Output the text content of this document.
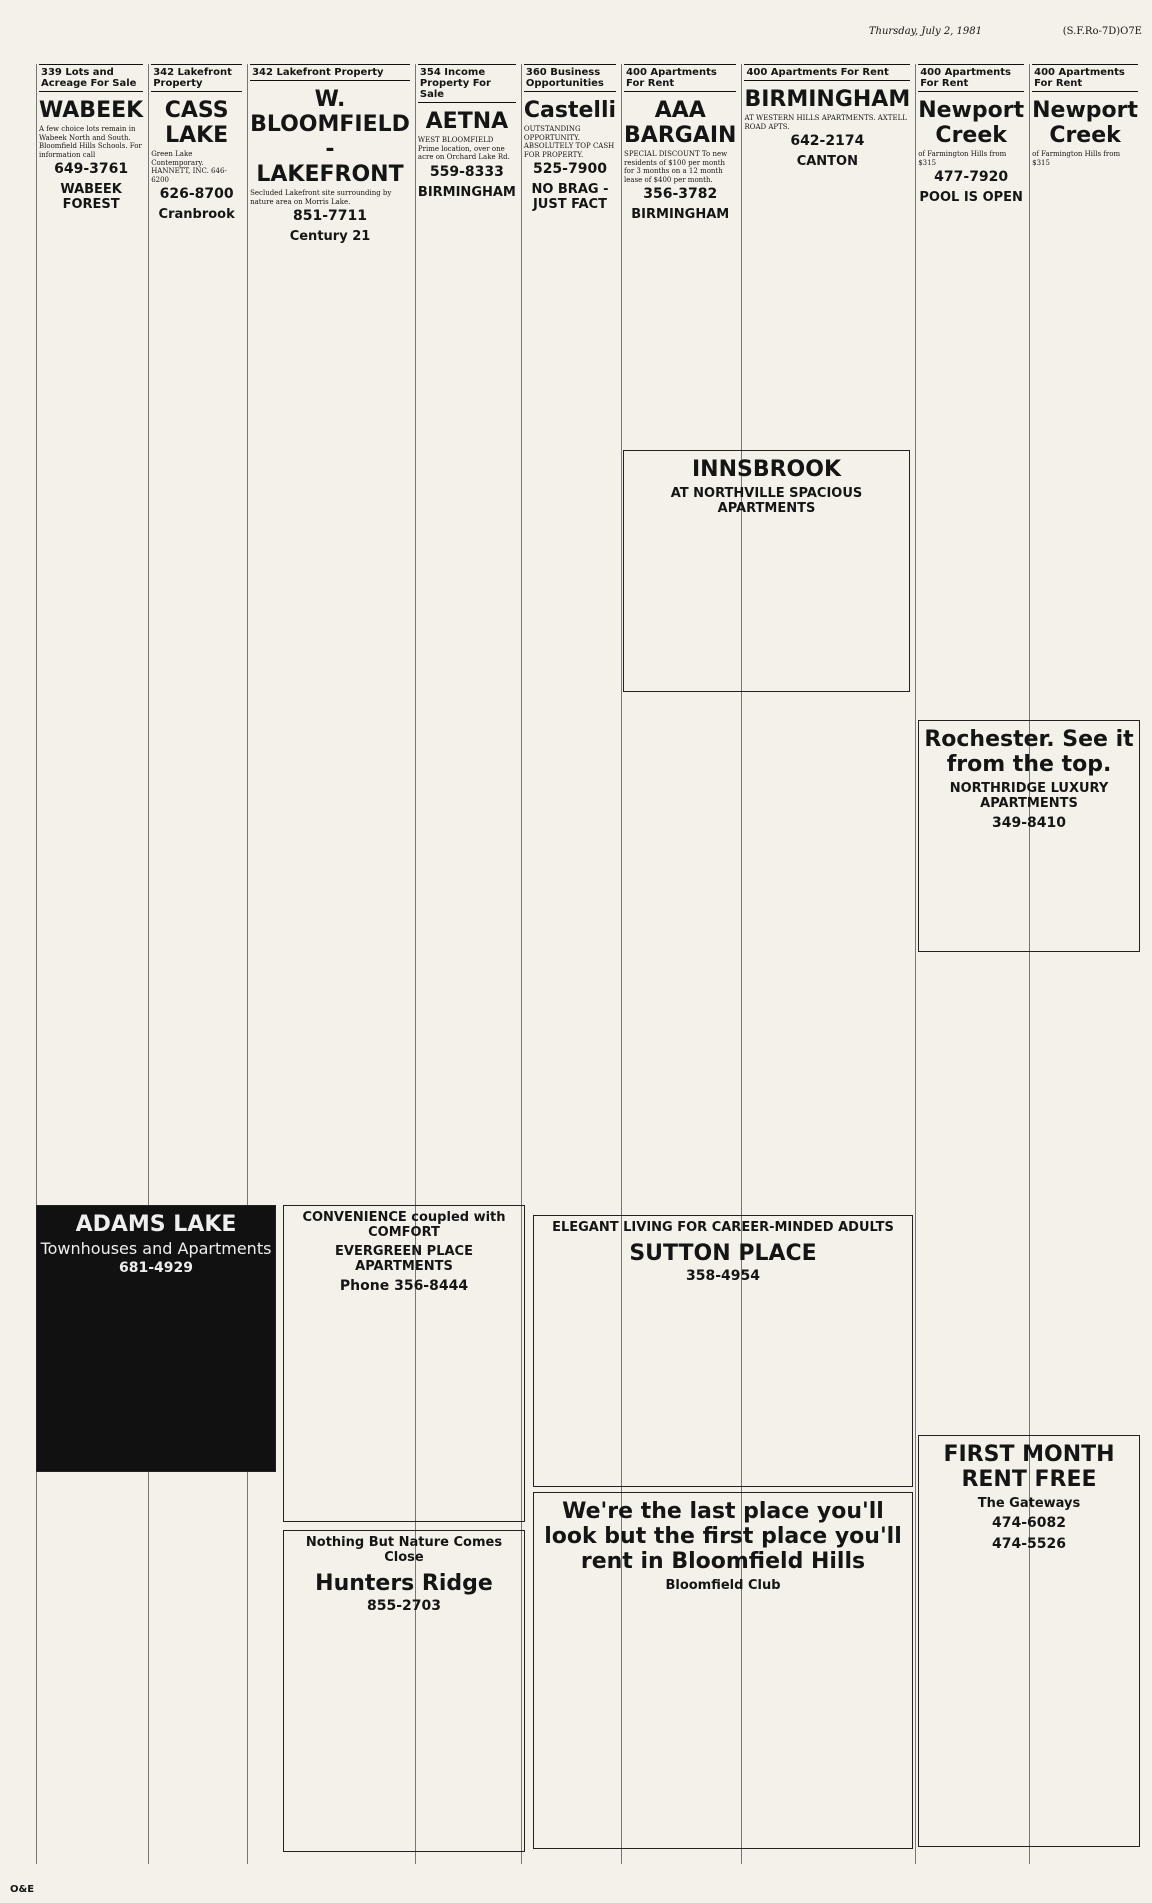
Thursday, July 2, 1981	(S.F.Ro-7D)O7E
339 Lots and Acreage For Sale
WABEEK
A few choice lots remain in Wabeek North and South. Bloomfield Hills Schools. For information call
649-3761
WABEEK FOREST
342 Lakefront Property
CASS LAKE
Green Lake Contemporary. HANNETT, INC. 646-6200
626-8700
Cranbrook
342 Lakefront Property
W. BLOOMFIELD - LAKEFRONT
Secluded Lakefront site surrounding by nature area on Morris Lake.
851-7711
Century 21
354 Income Property For Sale
AETNA
WEST BLOOMFIELD Prime location, over one acre on Orchard Lake Rd.
559-8333
BIRMINGHAM
360 Business Opportunities
Castelli
OUTSTANDING OPPORTUNITY. ABSOLUTELY TOP CASH FOR PROPERTY.
525-7900
NO BRAG - JUST FACT
400 Apartments For Rent
AAA BARGAIN
SPECIAL DISCOUNT To new residents of $100 per month for 3 months on a 12 month lease of $400 per month.
356-3782
BIRMINGHAM
400 Apartments For Rent
BIRMINGHAM
AT WESTERN HILLS APARTMENTS. AXTELL ROAD APTS.
642-2174
CANTON
400 Apartments For Rent
Newport Creek
of Farmington Hills from $315
477-7920
POOL IS OPEN
400 Apartments For Rent
Newport Creek
of Farmington Hills from $315
ADAMS LAKE
Townhouses and Apartments
681-4929
CONVENIENCE coupled with COMFORT
EVERGREEN PLACE APARTMENTS
Phone 356-8444
Nothing But Nature Comes Close
Hunters Ridge
855-2703
ELEGANT LIVING FOR CAREER-MINDED ADULTS
SUTTON PLACE
358-4954
We're the last place you'll look but the first place you'll rent in Bloomfield Hills
Bloomfield Club
FIRST MONTH RENT FREE
The Gateways
474-6082
474-5526
Rochester. See it from the top.
NORTHRIDGE LUXURY APARTMENTS
349-8410
INNSBROOK
AT NORTHVILLE SPACIOUS APARTMENTS
O&E
